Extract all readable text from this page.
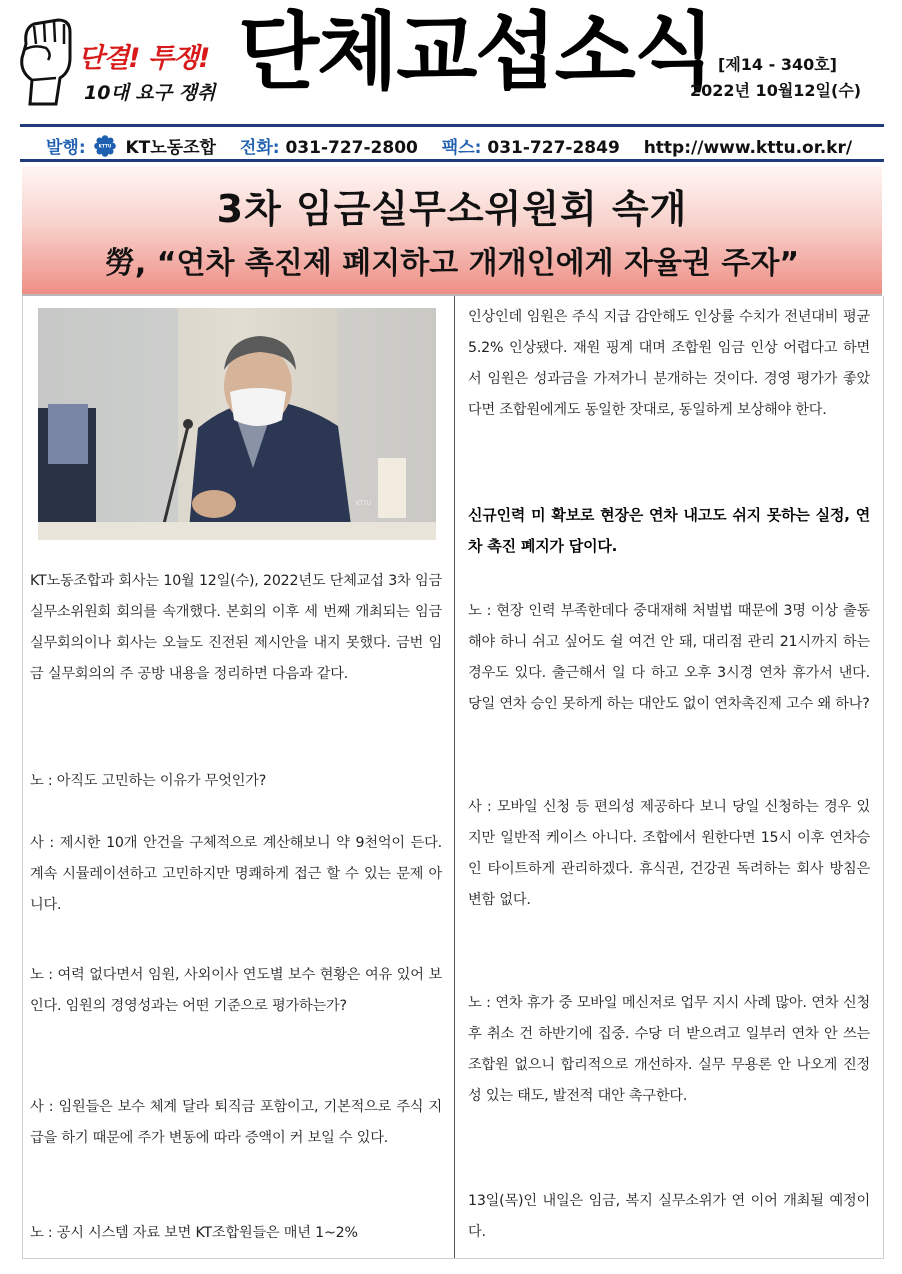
단결! 투쟁!
10대 요구 쟁취 단체교섭소식 [제14 - 340호]
2022년 10월12일(수)
발행:	KTTU KT노동조합 전화: 031-727-2800 팩스: 031-727-2849 http://www.kttu.or.kr/
3차 임금실무소위원회 속개
勞, “연차 촉진제 폐지하고 개개인에게 자율권 주자”
KTTU

KT노동조합과 회사는 10월 12일(수), 2022년도 단체교섭 3차 임금실무소위원회 회의를 속개했다. 본회의 이후 세 번째 개최되는 임금 실무회의이나 회사는 오늘도 진전된 제시안을 내지 못했다. 금번 임금 실무회의의 주 공방 내용을 정리하면 다음과 같다.

노 : 아직도 고민하는 이유가 무엇인가?

사 : 제시한 10개 안건을 구체적으로 계산해보니 약 9천억이 든다. 계속 시뮬레이션하고 고민하지만 명쾌하게 접근 할 수 있는 문제 아니다.

노 : 여력 없다면서 임원, 사외이사 연도별 보수 현황은 여유 있어 보인다. 임원의 경영성과는 어떤 기준으로 평가하는가?

사 : 임원들은 보수 체계 달라 퇴직금 포함이고, 기본적으로 주식 지급을 하기 때문에 주가 변동에 따라 증액이 커 보일 수 있다.

노 : 공시 시스템 자료 보면 KT조합원들은 매년 1~2%

인상인데 임원은 주식 지급 감안해도 인상률 수치가 전년대비 평균 5.2% 인상됐다. 재원 핑계 대며 조합원 임금 인상 어렵다고 하면서 임원은 성과금을 가져가니 분개하는 것이다. 경영 평가가 좋았다면 조합원에게도 동일한 잣대로, 동일하게 보상해야 한다.

신규인력 미 확보로 현장은 연차 내고도 쉬지 못하는 실정, 연차 촉진 폐지가 답이다.

노 : 현장 인력 부족한데다 중대재해 처벌법 때문에 3명 이상 출동해야 하니 쉬고 싶어도 쉴 여건 안 돼, 대리점 관리 21시까지 하는 경우도 있다. 출근해서 일 다 하고 오후 3시경 연차 휴가서 낸다. 당일 연차 승인 못하게 하는 대안도 없이 연차촉진제 고수 왜 하나?

사 : 모바일 신청 등 편의성 제공하다 보니 당일 신청하는 경우 있지만 일반적 케이스 아니다. 조합에서 원한다면 15시 이후 연차승인 타이트하게 관리하겠다. 휴식권, 건강권 독려하는 회사 방침은 변함 없다.

노 : 연차 휴가 중 모바일 메신저로 업무 지시 사례 많아. 연차 신청 후 취소 건 하반기에 집중. 수당 더 받으려고 일부러 연차 안 쓰는 조합원 없으니 합리적으로 개선하자. 실무 무용론 안 나오게 진정성 있는 태도, 발전적 대안 촉구한다.

13일(목)인 내일은 임금, 복지 실무소위가 연 이어 개최될 예정이다.
